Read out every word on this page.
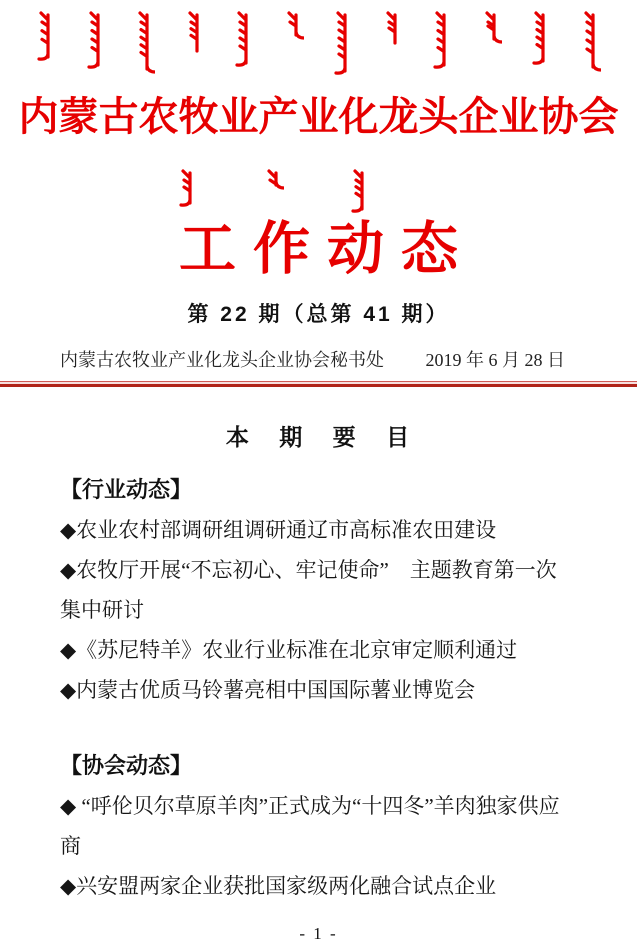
内蒙古农牧业产业化龙头企业协会
工作动态
第 22 期（总第 41 期）
内蒙古农牧业产业化龙头企业协会秘书处 2019 年 6 月 28 日
本 期 要 目
【行业动态】

◆农业农村部调研组调研通辽市高标准农田建设

◆农牧厅开展“不忘初心、牢记使命”　主题教育第一次集中研讨

◆《苏尼特羊》农业行业标准在北京审定顺利通过

◆内蒙古优质马铃薯亮相中国国际薯业博览会

【协会动态】

◆ “呼伦贝尔草原羊肉”正式成为“十四冬”羊肉独家供应商

◆兴安盟两家企业获批国家级两化融合试点企业

- 1 -
